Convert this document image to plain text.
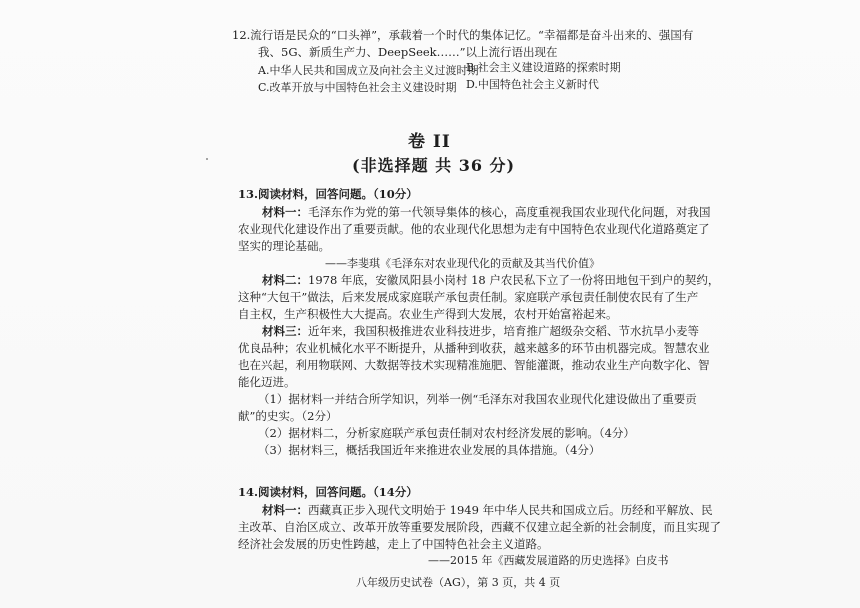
12.流行语是民众的“口头禅”，承载着一个时代的集体记忆。“幸福都是奋斗出来的、强国有
我、5G、新质生产力、DeepSeek……”以上流行语出现在
A.中华人民共和国成立及向社会主义过渡时期
B.社会主义建设道路的探索时期
C.改革开放与中国特色社会主义建设时期 D.中国特色社会主义新时代
卷 II
(非选择题 共 36 分)
13.阅读材料，回答问题。（10分）
材料一：毛泽东作为党的第一代领导集体的核心，高度重视我国农业现代化问题，对我国
农业现代化建设作出了重要贡献。他的农业现代化思想为走有中国特色农业现代化道路奠定了
坚实的理论基础。
——李斐琪《毛泽东对农业现代化的贡献及其当代价值》
材料二：1978 年底，安徽凤阳县小岗村 18 户农民私下立了一份将田地包干到户的契约，
这种“大包干”做法，后来发展成家庭联产承包责任制。家庭联产承包责任制使农民有了生产
自主权，生产积极性大大提高。农业生产得到大发展，农村开始富裕起来。
材料三：近年来，我国积极推进农业科技进步，培育推广超级杂交稻、节水抗旱小麦等
优良品种；农业机械化水平不断提升，从播种到收获，越来越多的环节由机器完成。智慧农业
也在兴起，利用物联网、大数据等技术实现精准施肥、智能灌溉，推动农业生产向数字化、智
能化迈进。
（1）据材料一并结合所学知识，列举一例“毛泽东对我国农业现代化建设做出了重要贡
献”的史实。（2分）
（2）据材料二，分析家庭联产承包责任制对农村经济发展的影响。（4分）
（3）据材料三，概括我国近年来推进农业发展的具体措施。（4分）
14.阅读材料，回答问题。（14分）
材料一：西藏真正步入现代文明始于 1949 年中华人民共和国成立后。历经和平解放、民
主改革、自治区成立、改革开放等重要发展阶段，西藏不仅建立起全新的社会制度，而且实现了
经济社会发展的历史性跨越，走上了中国特色社会主义道路。
——2015 年《西藏发展道路的历史选择》白皮书
八年级历史试卷（AG），第 3 页，共 4 页
